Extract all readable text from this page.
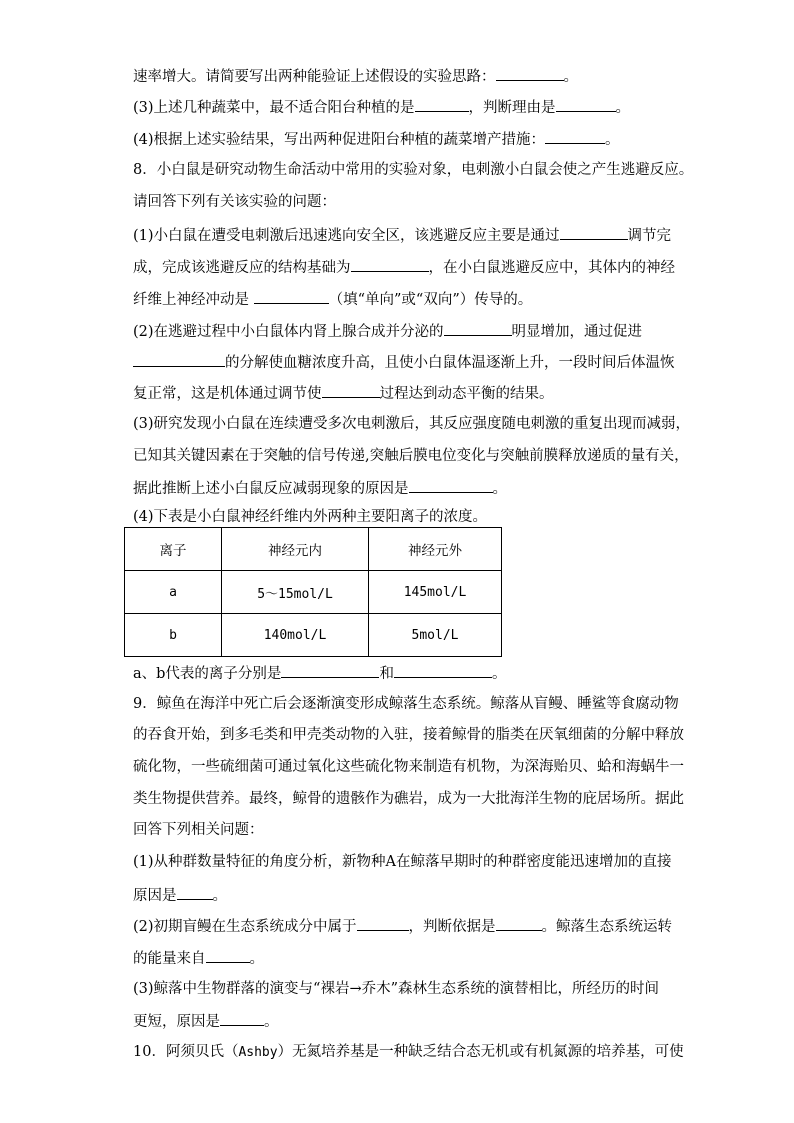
速率增大。请简要写出两种能验证上述假设的实验思路：	。
(3)上述几种蔬菜中，最不适合阳台种植的是	，判断理由是	。
(4)根据上述实验结果，写出两种促进阳台种植的蔬菜增产措施：	。
8．小白鼠是研究动物生命活动中常用的实验对象，电刺激小白鼠会使之产生逃避反应。
请回答下列有关该实验的问题：
(1)小白鼠在遭受电刺激后迅速逃向安全区，该逃避反应主要是通过	调节完
成，完成该逃避反应的结构基础为	，在小白鼠逃避反应中，其体内的神经
纤维上神经冲动是	（填“单向”或“双向”）传导的。
(2)在逃避过程中小白鼠体内肾上腺合成并分泌的	明显增加，通过促进
的分解使血糖浓度升高，且使小白鼠体温逐渐上升，一段时间后体温恢
复正常，这是机体通过调节使	过程达到动态平衡的结果。
(3)研究发现小白鼠在连续遭受多次电刺激后，其反应强度随电刺激的重复出现而减弱，
已知其关键因素在于突触的信号传递,突触后膜电位变化与突触前膜释放递质的量有关，
据此推断上述小白鼠反应减弱现象的原因是	。
(4)下表是小白鼠神经纤维内外两种主要阳离子的浓度。
离子	神经元内	神经元外
a	5～15mol/L	145mol/L
b	140mol/L	5mol/L
a、b代表的离子分别是	和	。
9．鲸鱼在海洋中死亡后会逐渐演变形成鲸落生态系统。鲸落从盲鳗、睡鲨等食腐动物
的吞食开始，到多毛类和甲壳类动物的入驻，接着鲸骨的脂类在厌氧细菌的分解中释放
硫化物，一些硫细菌可通过氧化这些硫化物来制造有机物，为深海贻贝、蛤和海蜗牛一
类生物提供营养。最终，鲸骨的遗骸作为礁岩，成为一大批海洋生物的庇居场所。据此
回答下列相关问题：
(1)从种群数量特征的角度分析，新物种A在鲸落早期时的种群密度能迅速增加的直接
原因是 。
(2)初期盲鳗在生态系统成分中属于	，判断依据是	。鲸落生态系统运转
的能量来自	。
(3)鲸落中生物群落的演变与“裸岩→乔木”森林生态系统的演替相比，所经历的时间
更短，原因是	。
10．阿须贝氏（Ashby）无氮培养基是一种缺乏结合态无机或有机氮源的培养基，可使
